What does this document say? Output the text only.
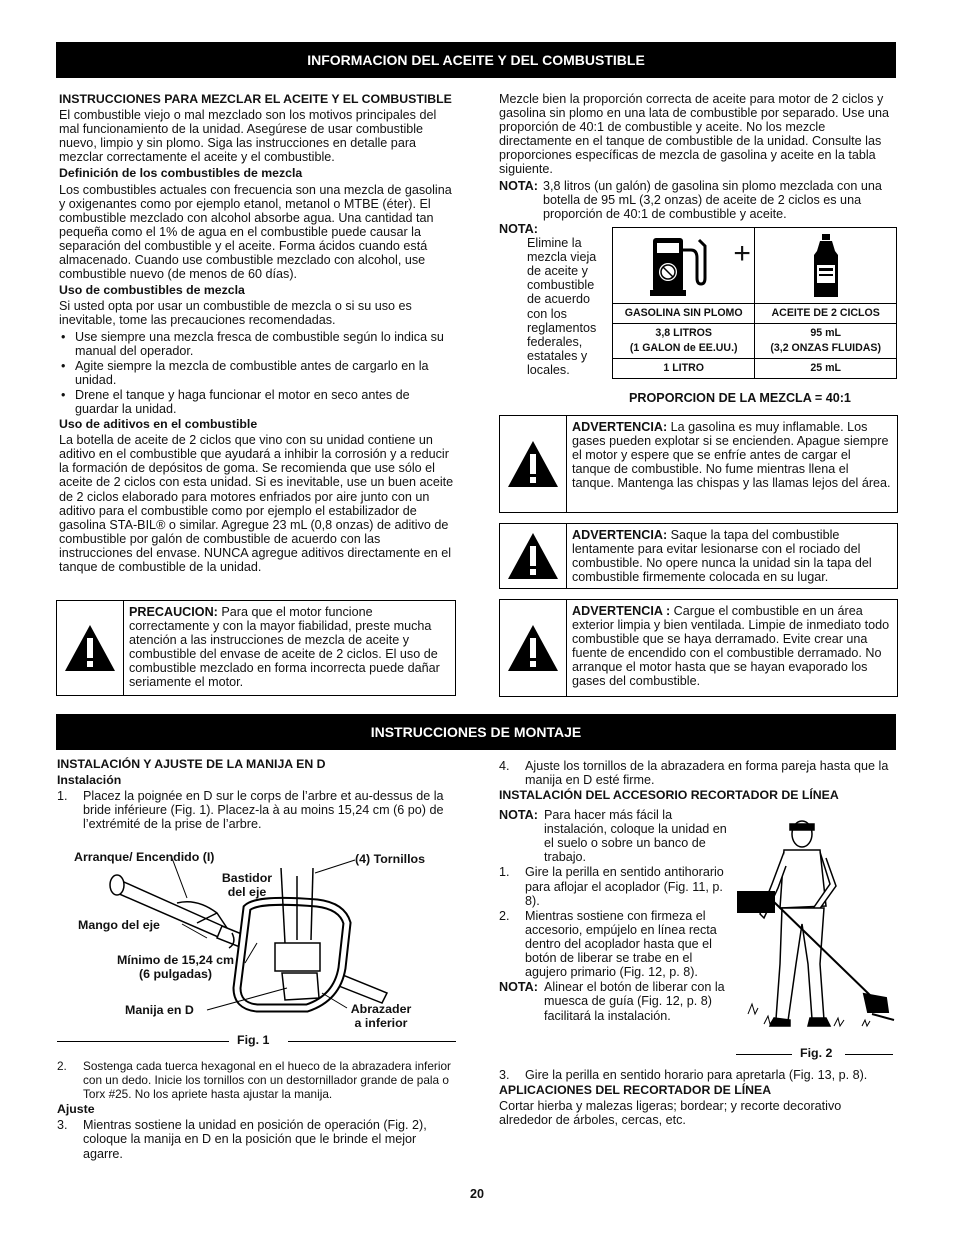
INFORMACION DEL ACEITE Y DEL COMBUSTIBLE

INSTRUCCIONES PARA MEZCLAR EL ACEITE Y EL COMBUSTIBLE

El combustible viejo o mal mezclado son los motivos principales del mal funcionamiento de la unidad. Asegúrese de usar combustible nuevo, limpio y sin plomo. Siga las instrucciones en detalle para mezclar correctamente el aceite y el combustible.

Definición de los combustibles de mezcla

Los combustibles actuales con frecuencia son una mezcla de gasolina y oxigenantes como por ejemplo etanol, metanol o MTBE (éter). El combustible mezclado con alcohol absorbe agua. Una cantidad tan pequeña como el 1% de agua en el combustible puede causar la separación del combustible y el aceite. Forma ácidos cuando está almacenado. Cuando use combustible mezclado con alcohol, use combustible nuevo (de menos de 60 días).

Uso de combustibles de mezcla

Si usted opta por usar un combustible de mezcla o si su uso es inevitable, tome las precauciones recomendadas.

• Use siempre una mezcla fresca de combustible según lo indica su manual del operador.
• Agite siempre la mezcla de combustible antes de cargarlo en la unidad.
• Drene el tanque y haga funcionar el motor en seco antes de guardar la unidad.

Uso de aditivos en el combustible

La botella de aceite de 2 ciclos que vino con su unidad contiene un aditivo en el combustible que ayudará a inhibir la corrosión y a reducir la formación de depósitos de goma. Se recomienda que use sólo el aceite de 2 ciclos con esta unidad. Si es inevitable, use un buen aceite de 2 ciclos elaborado para motores enfriados por aire junto con un aditivo para el combustible como por ejemplo el estabilizador de gasolina STA-BIL® o similar. Agregue 23 mL (0,8 onzas) de aditivo de combustible por galón de combustible de acuerdo con las instrucciones del envase. NUNCA agregue aditivos directamente en el tanque de combustible de la unidad.

PRECAUCION: Para que el motor funcione correctamente y con la mayor fiabilidad, preste mucha atención a las instrucciones de mezcla de aceite y combustible del envase de aceite de 2 ciclos. El uso de combustible mezclado en forma incorrecta puede dañar seriamente el motor.

Mezcle bien la proporción correcta de aceite para motor de 2 ciclos y gasolina sin plomo en una lata de combustible por separado. Use una proporción de 40:1 de combustible y aceite. No los mezcle directamente en el tanque de combustible de la unidad. Consulte las proporciones específicas de mezcla de gasolina y aceite en la tabla siguiente.

NOTA: 3,8 litros (un galón) de gasolina sin plomo mezclada con una botella de 95 mL (3,2 onzas) de aceite de 2 ciclos es una proporción de 40:1 de combustible y aceite.
NOTA:
Elimine la mezcla vieja de aceite y combustible de acuerdo con los reglamentos federales, estatales y locales.

+

GASOLINA SIN PLOMO	ACEITE DE 2 CICLOS
3,8 LITROS
(1 GALON de EE.UU.)	95 mL
(3,2 ONZAS FLUIDAS)
1 LITRO	25 mL
PROPORCION DE LA MEZCLA = 40:1
ADVERTENCIA: La gasolina es muy inflamable. Los gases pueden explotar si se encienden. Apague siempre el motor y espere que se enfríe antes de cargar el tanque de combustible. No fume mientras llena el tanque. Mantenga las chispas y las llamas lejos del área.
ADVERTENCIA: Saque la tapa del combustible lentamente para evitar lesionarse con el rociado del combustible. No opere nunca la unidad sin la tapa del combustible firmemente colocada en su lugar.
ADVERTENCIA : Cargue el combustible en un área exterior limpia y bien ventilada. Limpie de inmediato todo combustible que se haya derramado. Evite crear una fuente de encendido con el combustible derramado. No arranque el motor hasta que se hayan evaporado los gases del combustible.
INSTRUCCIONES DE MONTAJE

INSTALACIÓN Y AJUSTE DE LA MANIJA EN D

Instalación

1.	Placez la poignée en D sur le corps de l’arbre et au-dessus de la bride inférieure (Fig. 1). Placez-la à au moins 15,24 cm (6 po) de l’extrémité de la prise de l’arbre.
Arranque/ Encendido (I)	(4) Tornillos
Bastidor
del eje
Mango del eje
Mínimo de 15,24 cm
(6 pulgadas)
Manija en D	Abrazader
a inferior
Fig. 1
2.	Sostenga cada tuerca hexagonal en el hueco de la abrazadera inferior con un dedo. Inicie los tornillos con un destornillador grande de pala o Torx #25. No los apriete hasta ajustar la manija.

Ajuste

3.	Mientras sostiene la unidad en posición de operación (Fig. 2), coloque la manija en D en la posición que le brinde el mejor agarre.
4.	Ajuste los tornillos de la abrazadera en forma pareja hasta que la manija en D esté firme.

INSTALACIÓN DEL ACCESORIO RECORTADOR DE LÍNEA

NOTA: Para hacer más fácil la instalación, coloque la unidad en el suelo o sobre un banco de trabajo.
1.	Gire la perilla en sentido antihorario para aflojar el acoplador (Fig. 11, p. 8).
2.	Mientras sostiene con firmeza el accesorio, empújelo en línea recta dentro del acoplador hasta que el botón de liberar se trabe en el agujero primario (Fig. 12, p. 8).
NOTA: Alinear el botón de liberar con la muesca de guía (Fig. 12, p. 8) facilitará la instalación.
Fig. 2
3.	Gire la perilla en sentido horario para apretarla (Fig. 13, p. 8).

APLICACIONES DEL RECORTADOR DE LÍNEA

Cortar hierba y malezas ligeras; bordear; y recorte decorativo alrededor de árboles, cercas, etc.

20
